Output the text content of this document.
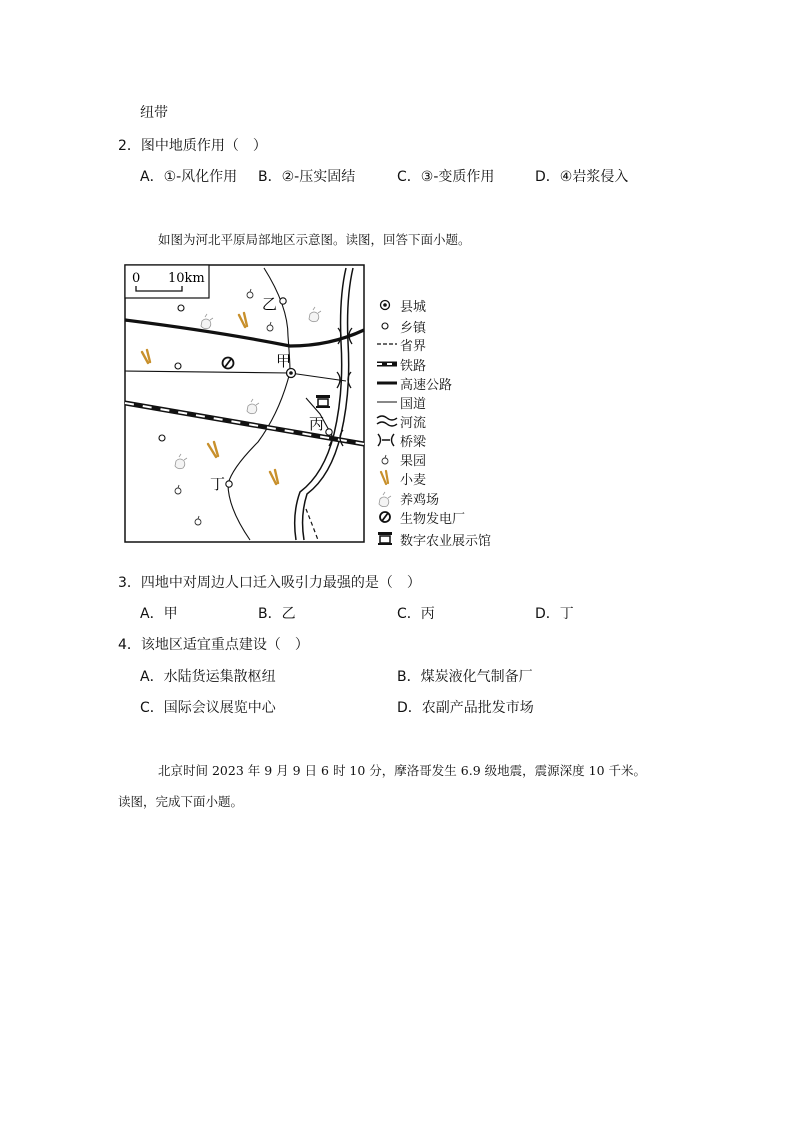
纽带
2．图中地质作用（　）
A．①-风化作用 B．②-压实固结	C．③-变质作用	D．④岩浆侵入
如图为河北平原局部地区示意图。读图，回答下面小题。
0 10km
甲
乙
丙
丁
县城
乡镇
省界
铁路
高速公路
国道
河流
桥梁
果园
小麦
养鸡场
生物发电厂
数字农业展示馆
3．四地中对周边人口迁入吸引力最强的是（　）
A．甲	B．乙	C．丙	D．丁
4．该地区适宜重点建设（　）
A．水陆货运集散枢纽	B．煤炭液化气制备厂
C．国际会议展览中心	D．农副产品批发市场
北京时间 2023 年 9 月 9 日 6 时 10 分，摩洛哥发生 6.9 级地震，震源深度 10 千米。
读图，完成下面小题。
